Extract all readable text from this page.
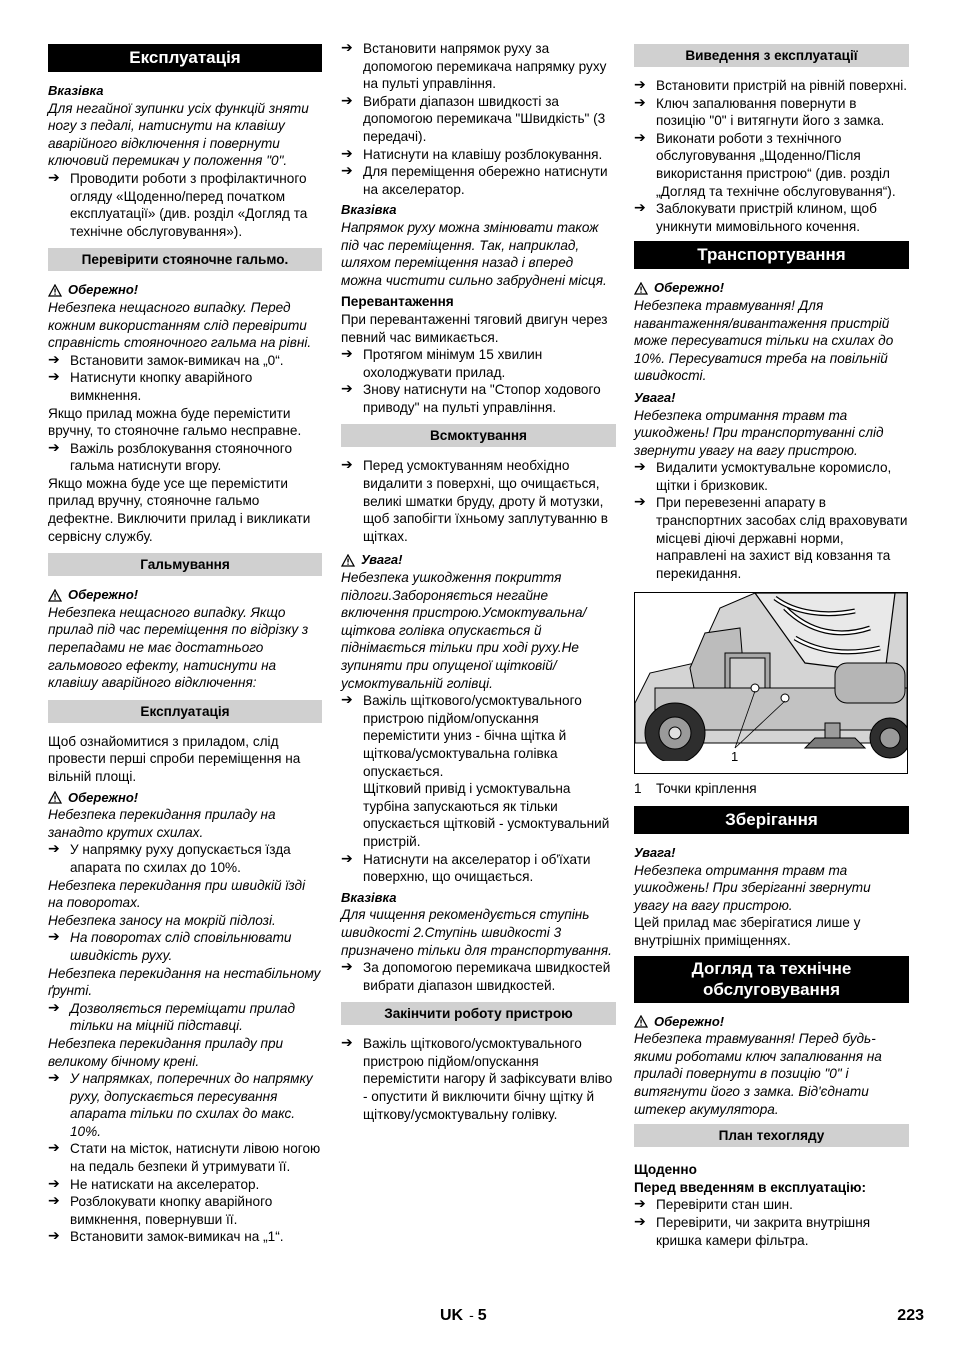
Експлуатація
Вказівка

Для негайної зупинки усіх функцій зняти ногу з педалі, натиснути на клавішу аварійного відключення і повернути ключовий перемикач у положення "0".

➔ Проводити роботи з профілактичного огляду «Щоденно/перед початком експлуатації» (див. розділ «Догляд та технічне обслуговування»).
Перевірити стояночне гальмо.
Обережно!

Небезпека нещасного випадку. Перед кожним використанням слід перевірити справність стояночного гальма на рівні.

➔ Встановити замок-вимикач на „0“.
➔ Натиснути кнопку аварійного вимкнення.

Якщо прилад можна буде перемістити вручну, то стояночне гальмо несправне.

➔ Важіль розблокування стояночного гальма натиснути вгору.

Якщо можна буде усе ще перемістити прилад вручну, стояночне гальмо дефектне. Виключити прилад і викликати сервісну службу.

Гальмування
Обережно!

Небезпека нещасного випадку. Якщо прилад під час переміщення по відрізку з перепадами не має достатнього гальмового ефекту, натиснути на клавішу аварійного відключення:

Експлуатація

Щоб ознайомитися з приладом, слід провести перші спроби переміщення на вільній площі.

Обережно!

Небезпека перекидання приладу на занадто крутих схилах.

➔ У напрямку руху допускається їзда апарата по схилах до 10%.

Небезпека перекидання при швидкій їзді на поворотах.

Небезпека заносу на мокрій підлозі.

➔ На поворотах слід сповільнювати швидкість руху.

Небезпека перекидання на нестабільному ґрунті.

➔ Дозволяється переміщати прилад тільки на міцній підставці.

Небезпека перекидання приладу при великому бічному крені.

➔ У напрямках, поперечних до напрямку руху, допускається пересування апарата тільки по схилах до макс. 10%.
➔ Стати на місток, натиснути лівою ногою на педаль безпеки й утримувати її.
➔ Не натискати на акселератор.
➔ Розблокувати кнопку аварійного вимкнення, повернувши її.
➔ Встановити замок-вимикач на „1“.
➔ Встановити напрямок руху за допомогою перемикача напрямку руху на пульті управління.
➔ Вибрати діапазон швидкості за допомогою перемикача "Швидкість" (3 передачі).
➔ Натиснути на клавішу розблокування.
➔ Для переміщення обережно натиснути на акселератор.
Вказівка

Напрямок руху можна змінювати також під час переміщення. Так, наприклад, шляхом переміщення назад і вперед можна чистити сильно забруднені місця.

Перевантаження

При перевантаженні тяговий двигун через певний час вимикається.

➔ Протягом мінімум 15 хвилин охолоджувати прилад.
➔ Знову натиснути на "Стопор ходового приводу" на пульті управління.
Всмоктування
➔ Перед усмоктуванням необхідно видалити з поверхні, що очищається, великі шматки бруду, дроту й мотузки, щоб запобігти їхньому заплутуванню в щітках.
Увага!

Небезпека ушкодження покриття підлоги.Забороняється негайне включення пристрою.Усмоктувальна/щіткова голівка опускається й піднімається тільки при ході руху.Не зупиняти при опущеної щітковій/усмоктувальній голівці.

➔ Важіль щіткового/усмоктувального пристрою підйом/опускання перемістити униз - бічна щітка й щіткова/усмоктувальна голівка опускається.

Щітковий привід і усмоктувальна турбіна запускаються як тільки опускається щітковій - усмоктувальний пристрій.

➔ Натиснути на акселератор і об'їхати поверхню, що очищається.
Вказівка

Для чищення рекомендується ступінь швидкості 2.Ступінь швидкості 3 призначено тільки для транспортування.

➔ За допомогою перемикача швидкостей вибрати діапазон швидкостей.
Закінчити роботу пристрою
➔ Важіль щіткового/усмоктувального пристрою підйом/опускання перемістити нагору й зафіксувати вліво - опустити й виключити бічну щітку й щіткову/усмоктувальну голівку.
Виведення з експлуатації
➔ Встановити пристрій на рівній поверхні.
➔ Ключ запалювання повернути в позицію "0" і витягнути його з замка.
➔ Виконати роботи з технічного обслуговування „Щоденно/Після використання пристрою“ (див. розділ „Догляд та технічне обслуговування“).
➔ Заблокувати пристрій клином, щоб уникнути мимовільного кочення.
Транспортування
Обережно!

Небезпека травмування! Для навантаження/вивантаження пристрій може пересуватися тільки на схилах до 10%. Пересуватися треба на повільній швидкості.

Увага!

Небезпека отримання травм та ушкоджень! При транспортуванні слід звернути увагу на вагу пристрою.

➔ Видалити усмоктувальне коромисло, щітки і бризковик.
➔ При перевезенні апарату в транспортних засобах слід враховувати місцеві діючі державні норми, направлені на захист від ковзання та перекидання.
1
1	Точки кріплення
Зберігання
Увага!

Небезпека отримання травм та ушкоджень! При зберіганні звернути увагу на вагу пристрою.

Цей прилад має зберігатися лише у внутрішніх приміщеннях.

Догляд та технічне обслуговування
Обережно!

Небезпека травмування! Перед будь-якими роботами ключ запалювання на приладі повернути в позицію "0" і витягнути його з замка. Від'єднати штекер акумулятора.

План техогляду
Щоденно
Перед введенням в експлуатацію:
➔ Перевірити стан шин.
➔ Перевірити, чи закрита внутрішня кришка камери фільтра.
UK - 5	223
